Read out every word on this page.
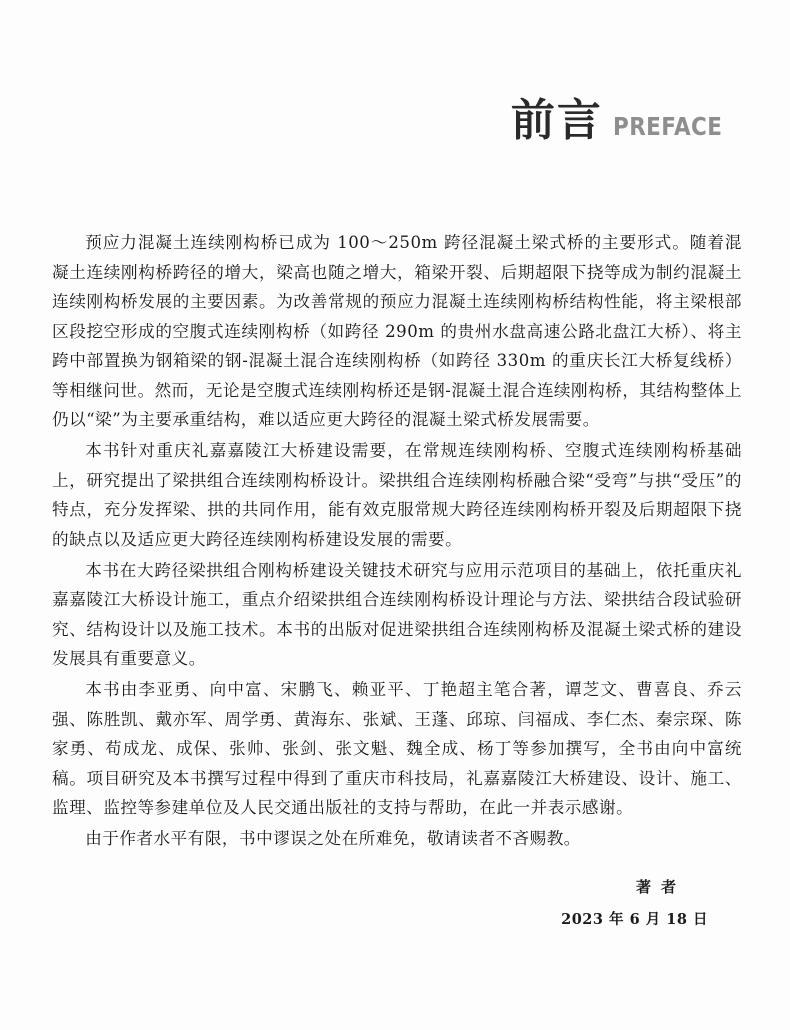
前言 PREFACE

预应力混凝土连续刚构桥已成为 100～250m 跨径混凝土梁式桥的主要形式。随着混凝土连续刚构桥跨径的增大，梁高也随之增大，箱梁开裂、后期超限下挠等成为制约混凝土连续刚构桥发展的主要因素。为改善常规的预应力混凝土连续刚构桥结构性能，将主梁根部区段挖空形成的空腹式连续刚构桥（如跨径 290m 的贵州水盘高速公路北盘江大桥）、将主跨中部置换为钢箱梁的钢-混凝土混合连续刚构桥（如跨径 330m 的重庆长江大桥复线桥）等相继问世。然而，无论是空腹式连续刚构桥还是钢-混凝土混合连续刚构桥，其结构整体上仍以“梁”为主要承重结构，难以适应更大跨径的混凝土梁式桥发展需要。

本书针对重庆礼嘉嘉陵江大桥建设需要，在常规连续刚构桥、空腹式连续刚构桥基础上，研究提出了梁拱组合连续刚构桥设计。梁拱组合连续刚构桥融合梁“受弯”与拱“受压”的特点，充分发挥梁、拱的共同作用，能有效克服常规大跨径连续刚构桥开裂及后期超限下挠的缺点以及适应更大跨径连续刚构桥建设发展的需要。

本书在大跨径梁拱组合刚构桥建设关键技术研究与应用示范项目的基础上，依托重庆礼嘉嘉陵江大桥设计施工，重点介绍梁拱组合连续刚构桥设计理论与方法、梁拱结合段试验研究、结构设计以及施工技术。本书的出版对促进梁拱组合连续刚构桥及混凝土梁式桥的建设发展具有重要意义。

本书由李亚勇、向中富、宋鹏飞、赖亚平、丁艳超主笔合著，谭芝文、曹喜良、乔云强、陈胜凯、戴亦军、周学勇、黄海东、张斌、王蓬、邱琼、闫福成、李仁杰、秦宗琛、陈家勇、苟成龙、成保、张帅、张剑、张文魁、魏全成、杨丁等参加撰写，全书由向中富统稿。项目研究及本书撰写过程中得到了重庆市科技局，礼嘉嘉陵江大桥建设、设计、施工、监理、监控等参建单位及人民交通出版社的支持与帮助，在此一并表示感谢。

由于作者水平有限，书中谬误之处在所难免，敬请读者不吝赐教。

著者
2023 年 6 月 18 日
